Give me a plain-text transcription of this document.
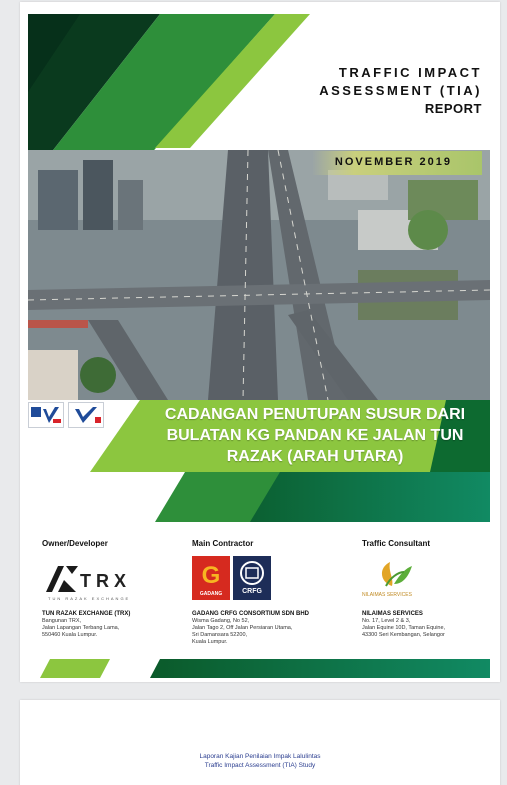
TRAFFIC IMPACT
ASSESSMENT (TIA)
REPORT
NOVEMBER 2019
CADANGAN PENUTUPAN SUSUR DARI BULATAN KG PANDAN KE JALAN TUN RAZAK (ARAH UTARA)
Owner/Developer
TRX
TUN RAZAK EXCHANGE
TUN RAZAK EXCHANGE (TRX)
Bangunan TRX,
Jalan Lapangan Terbang Lama,
550460 Kuala Lumpur.
Main Contractor
G
GADANG	CRFG
GADANG CRFG CONSORTIUM SDN BHD
Wisma Gadang, No 52,
Jalan Tago 2, Off Jalan Persiaran Utama,
Sri Damansara 52200,
Kuala Lumpur.
Traffic Consultant
NILAIMAS SERVICES
NILAIMAS SERVICES
No. 17, Level 2 & 3,
Jalan Equine 10D, Taman Equine,
43300 Seri Kembangan, Selangor
Laporan Kajian Penilaian Impak Lalulintas
Traffic Impact Assessment (TIA) Study
